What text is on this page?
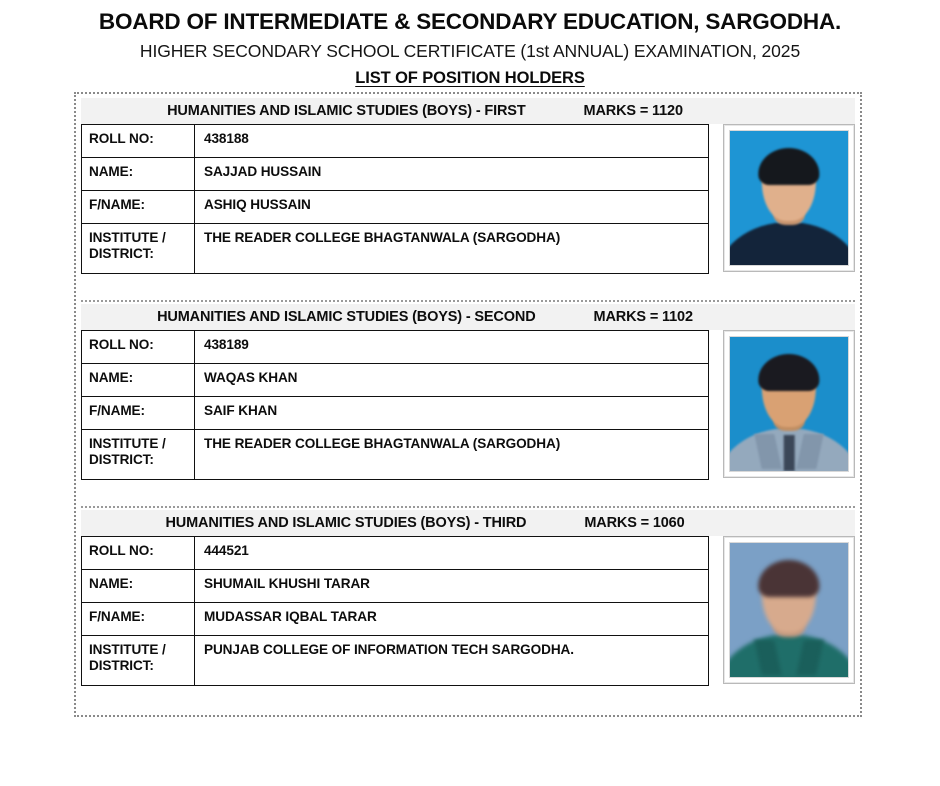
BOARD OF INTERMEDIATE & SECONDARY EDUCATION, SARGODHA.
HIGHER SECONDARY SCHOOL CERTIFICATE (1st ANNUAL) EXAMINATION, 2025
LIST OF POSITION HOLDERS
HUMANITIES AND ISLAMIC STUDIES (BOYS) - FIRST	MARKS = 1120
ROLL NO:	438188
NAME:	SAJJAD HUSSAIN
F/NAME:	ASHIQ HUSSAIN

INSTITUTE /
DISTRICT:	THE READER COLLEGE BHAGTANWALA (SARGODHA)
HUMANITIES AND ISLAMIC STUDIES (BOYS) - SECOND	MARKS = 1102
ROLL NO:	438189
NAME:	WAQAS KHAN
F/NAME:	SAIF KHAN

INSTITUTE /
DISTRICT:	THE READER COLLEGE BHAGTANWALA (SARGODHA)
HUMANITIES AND ISLAMIC STUDIES (BOYS) - THIRD	MARKS = 1060
ROLL NO:	444521
NAME:	SHUMAIL KHUSHI TARAR
F/NAME:	MUDASSAR IQBAL TARAR

INSTITUTE /
DISTRICT:	PUNJAB COLLEGE OF INFORMATION TECH SARGODHA.
